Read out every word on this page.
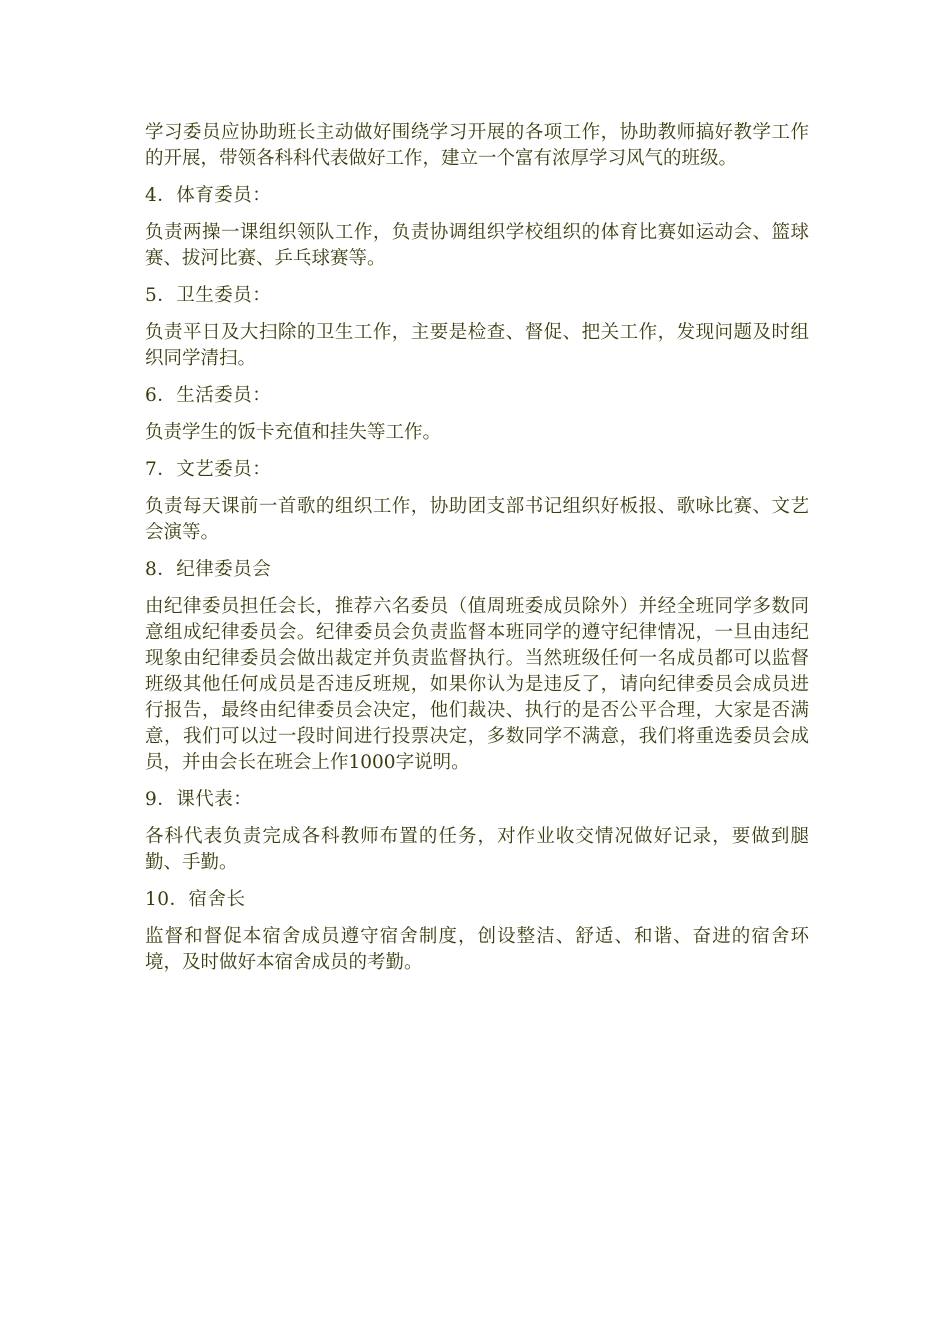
学习委员应协助班长主动做好围绕学习开展的各项工作，协助教师搞好教学工作的开展，带领各科科代表做好工作，建立一个富有浓厚学习风气的班级。

4．体育委员：

负责两操一课组织领队工作，负责协调组织学校组织的体育比赛如运动会、篮球赛、拔河比赛、乒乓球赛等。

5．卫生委员：

负责平日及大扫除的卫生工作，主要是检查、督促、把关工作，发现问题及时组织同学清扫。

6．生活委员：

负责学生的饭卡充值和挂失等工作。

7．文艺委员：

负责每天课前一首歌的组织工作，协助团支部书记组织好板报、歌咏比赛、文艺会演等。

8．纪律委员会

由纪律委员担任会长，推荐六名委员（值周班委成员除外）并经全班同学多数同意组成纪律委员会。纪律委员会负责监督本班同学的遵守纪律情况，一旦由违纪现象由纪律委员会做出裁定并负责监督执行。当然班级任何一名成员都可以监督班级其他任何成员是否违反班规，如果你认为是违反了，请向纪律委员会成员进行报告，最终由纪律委员会决定，他们裁决、执行的是否公平合理，大家是否满意，我们可以过一段时间进行投票决定，多数同学不满意，我们将重选委员会成员，并由会长在班会上作1000字说明。

9．课代表：

各科代表负责完成各科教师布置的任务，对作业收交情况做好记录，要做到腿勤、手勤。

10．宿舍长

监督和督促本宿舍成员遵守宿舍制度，创设整洁、舒适、和谐、奋进的宿舍环境，及时做好本宿舍成员的考勤。
